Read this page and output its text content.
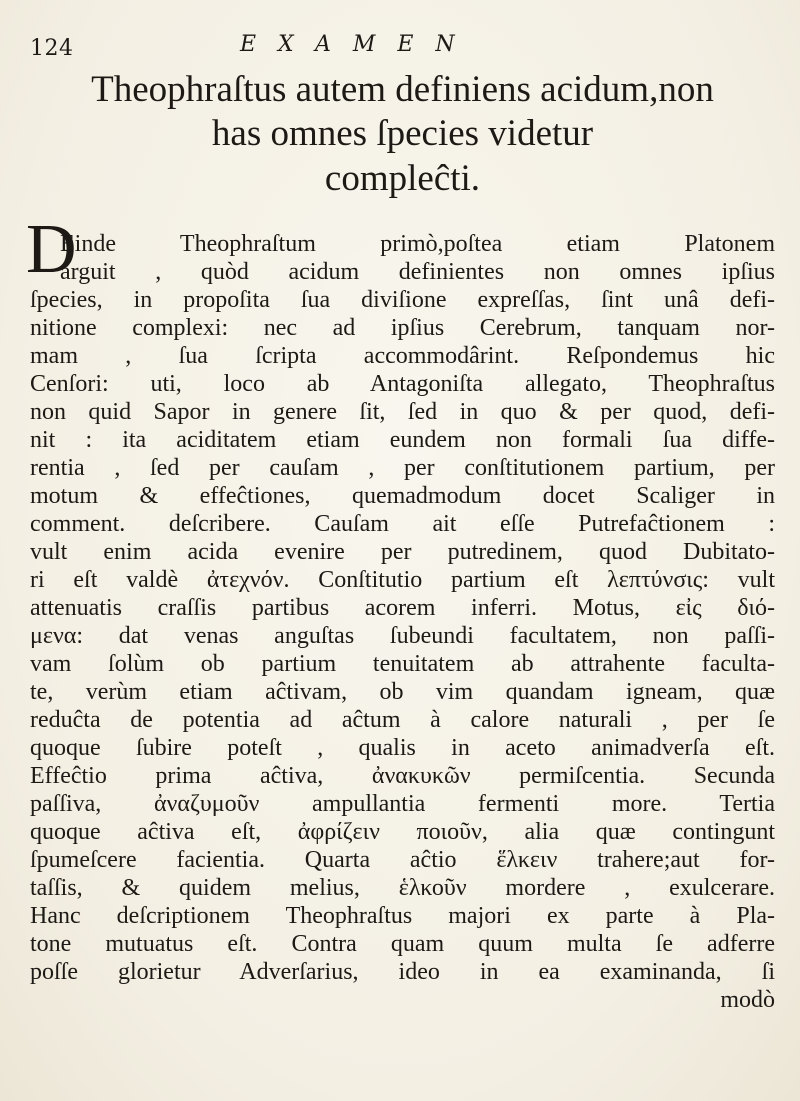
124	EXAMEN
Theophraſtus autem definiens acidum,non
has omnes ſpecies videtur
compleĉti.
D
Einde Theophraſtum primò,poſtea etiam Platonem
arguit , quòd acidum definientes non omnes ipſius
ſpecies, in propoſita ſua diviſione expreſſas, ſint unâ defi-
nitione complexi: nec ad ipſius Cerebrum, tanquam nor-
mam , ſua ſcripta accommodârint. Reſpondemus hic
Cenſori: uti, loco ab Antagoniſta allegato, Theophraſtus
non quid Sapor in genere ſit, ſed in quo & per quod, defi-
nit : ita aciditatem etiam eundem non formali ſua diffe-
rentia , ſed per cauſam , per conſtitutionem partium, per
motum & effeĉtiones, quemadmodum docet Scaliger in
comment. deſcribere. Cauſam ait eſſe Putrefaĉtionem :
vult enim acida evenire per putredinem, quod Dubitato-
ri eſt valdè ἀτεχνόν. Conſtitutio partium eſt λεπτύνσις: vult
attenuatis craſſis partibus acorem inferri. Motus, εἰς διό-
μενα: dat venas anguſtas ſubeundi facultatem, non paſſi-
vam ſolùm ob partium tenuitatem ab attrahente faculta-
te, verùm etiam aĉtivam, ob vim quandam igneam, quæ
reduĉta de potentia ad aĉtum à calore naturali , per ſe
quoque ſubire poteſt , qualis in aceto animadverſa eſt.
Effeĉtio prima aĉtiva, ἀνακυκῶν permiſcentia. Secunda
paſſiva, ἀναζυμοῦν ampullantia fermenti more. Tertia
quoque aĉtiva eſt, ἀφρίζειν ποιοῦν, alia quæ contingunt
ſpumeſcere facientia. Quarta aĉtio ἕλκειν trahere;aut for-
taſſis, & quidem melius, ἑλκοῦν mordere , exulcerare.
Hanc deſcriptionem Theophraſtus majori ex parte à Pla-
tone mutuatus eſt. Contra quam quum multa ſe adferre
poſſe glorietur Adverſarius, ideo in ea examinanda, ſi
modò
